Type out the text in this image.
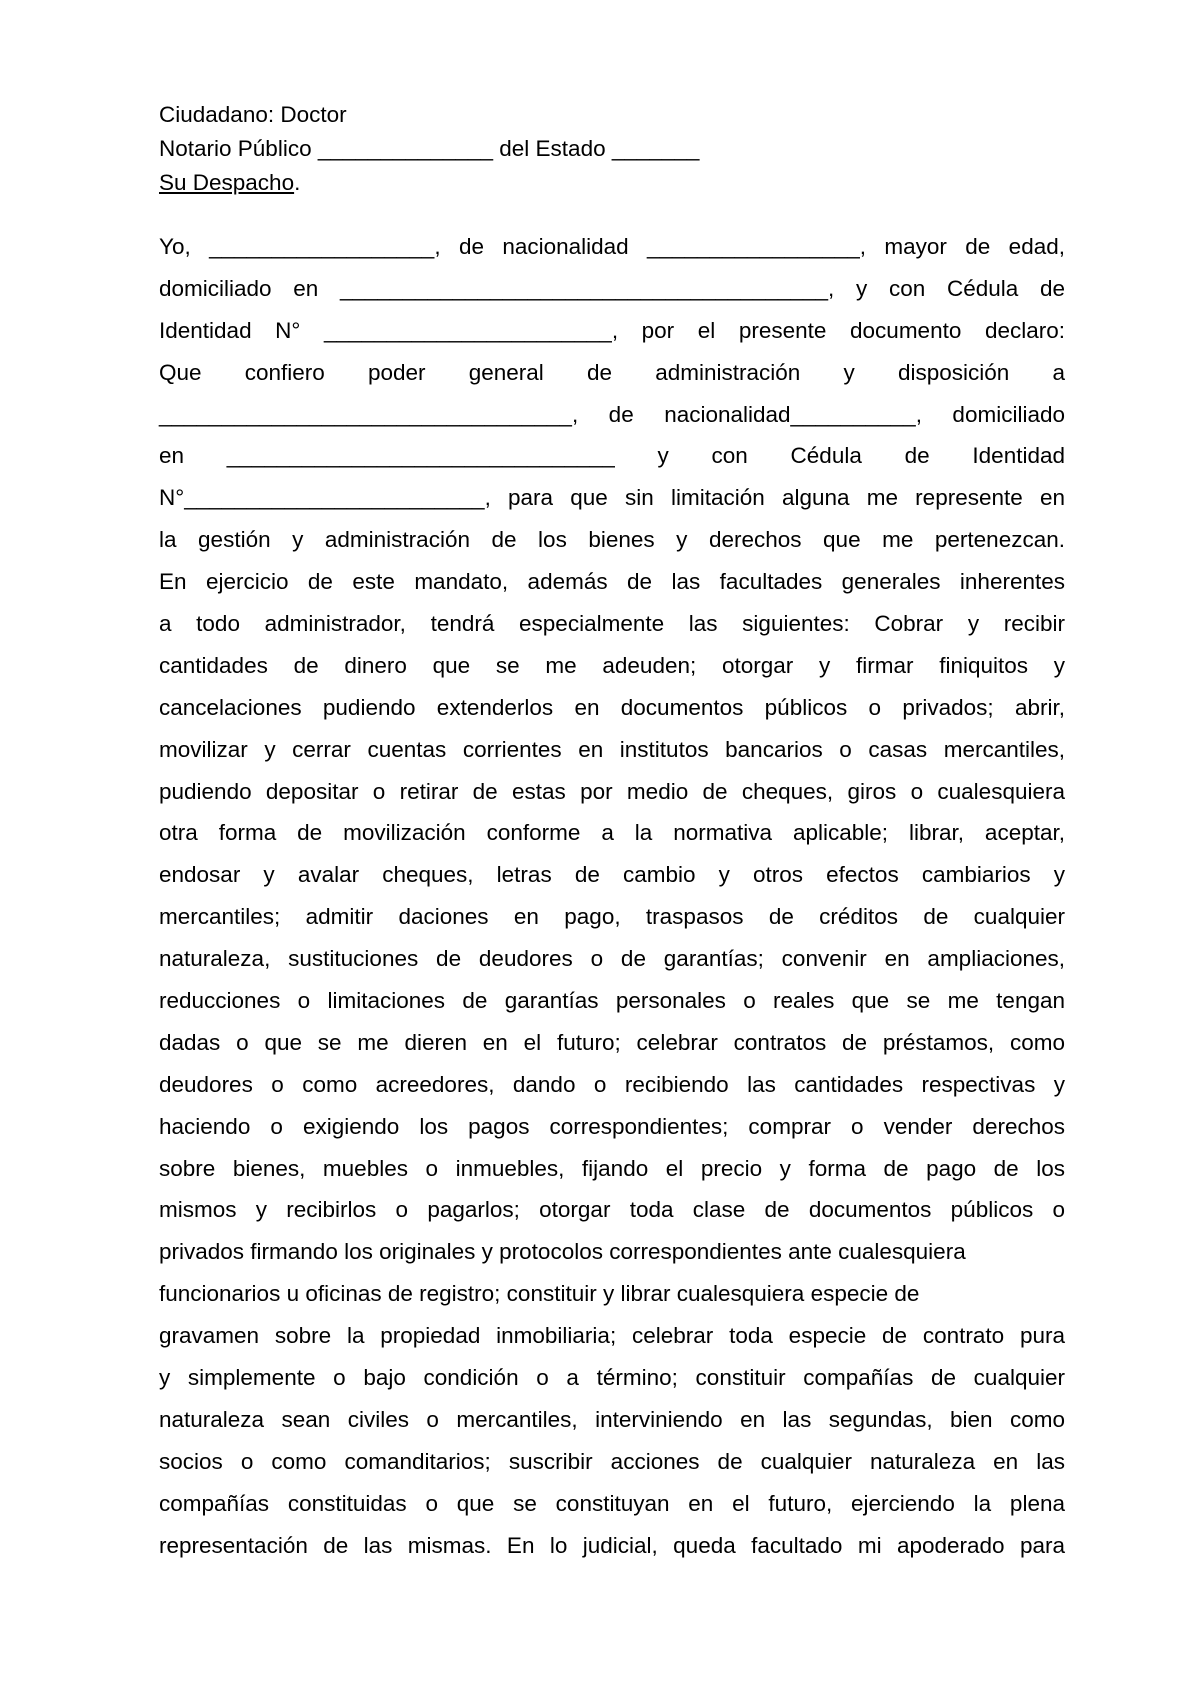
Ciudadano: Doctor
Notario Público ______________ del Estado _______
Su Despacho.
Yo, __________________, de nacionalidad _________________, mayor de edad,
domiciliado en _______________________________________, y con Cédula de
Identidad N° _______________________, por el presente documento declaro:
Que confiero poder general de administración y disposición a
_________________________________, de nacionalidad__________, domiciliado
en _______________________________ y con Cédula de Identidad
N°________________________, para que sin limitación alguna me represente en
la gestión y administración de los bienes y derechos que me pertenezcan.
En ejercicio de este mandato, además de las facultades generales inherentes
a todo administrador, tendrá especialmente las siguientes: Cobrar y recibir
cantidades de dinero que se me adeuden; otorgar y firmar finiquitos y
cancelaciones pudiendo extenderlos en documentos públicos o privados; abrir,
movilizar y cerrar cuentas corrientes en institutos bancarios o casas mercantiles,
pudiendo depositar o retirar de estas por medio de cheques, giros o cualesquiera
otra forma de movilización conforme a la normativa aplicable; librar, aceptar,
endosar y avalar cheques, letras de cambio y otros efectos cambiarios y
mercantiles; admitir daciones en pago, traspasos de créditos de cualquier
naturaleza, sustituciones de deudores o de garantías; convenir en ampliaciones,
reducciones o limitaciones de garantías personales o reales que se me tengan
dadas o que se me dieren en el futuro; celebrar contratos de préstamos, como
deudores o como acreedores, dando o recibiendo las cantidades respectivas y
haciendo o exigiendo los pagos correspondientes; comprar o vender derechos
sobre bienes, muebles o inmuebles, fijando el precio y forma de pago de los
mismos y recibirlos o pagarlos; otorgar toda clase de documentos públicos o
privados firmando los originales y protocolos correspondientes ante cualesquiera
funcionarios u oficinas de registro; constituir y librar cualesquiera especie de
gravamen sobre la propiedad inmobiliaria; celebrar toda especie de contrato pura
y simplemente o bajo condición o a término; constituir compañías de cualquier
naturaleza sean civiles o mercantiles, interviniendo en las segundas, bien como
socios o como comanditarios; suscribir acciones de cualquier naturaleza en las
compañías constituidas o que se constituyan en el futuro, ejerciendo la plena
representación de las mismas. En lo judicial, queda facultado mi apoderado para
